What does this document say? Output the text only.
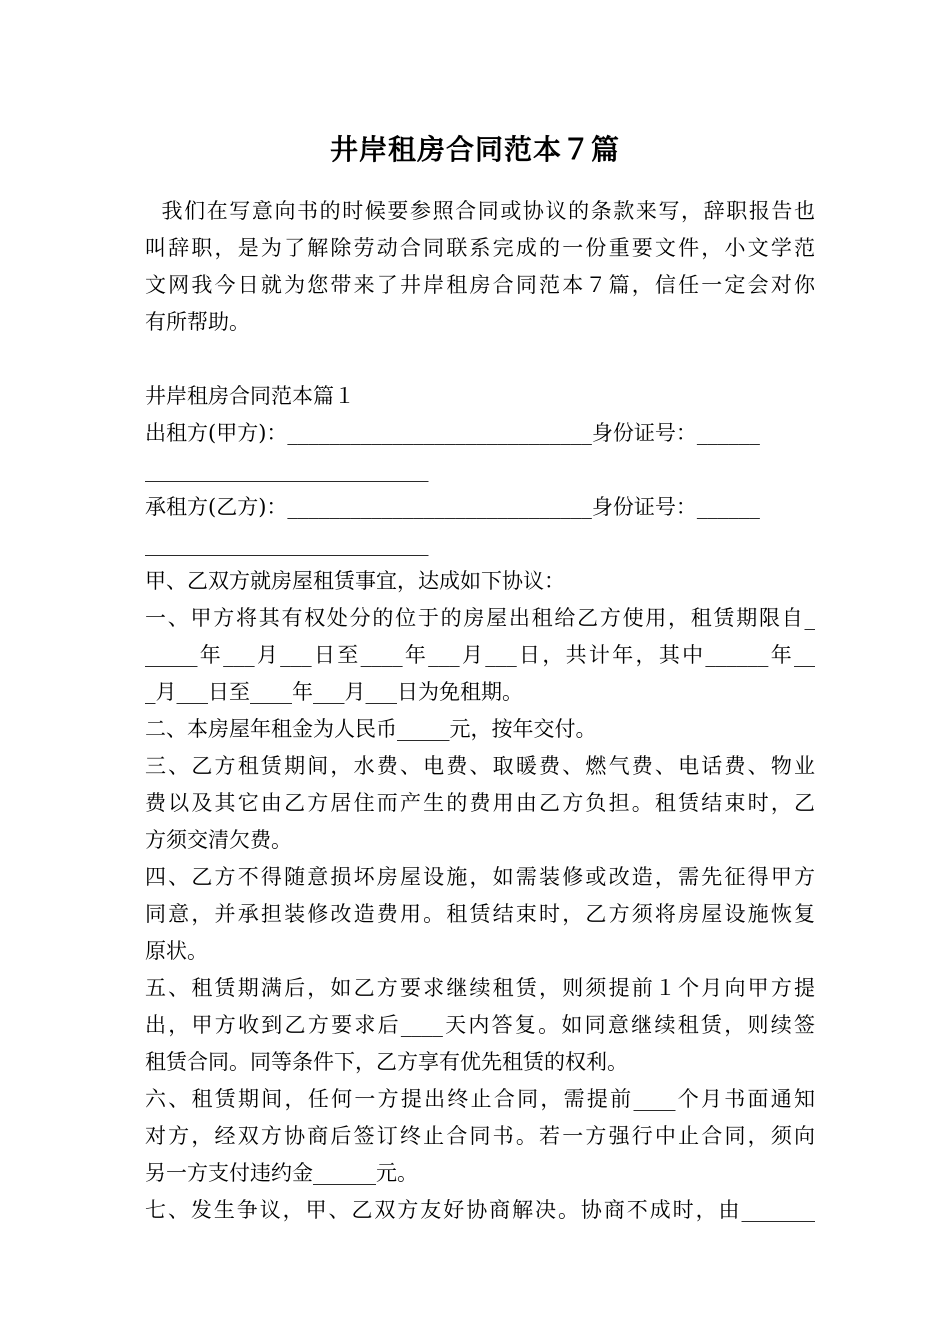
井岸租房合同范本７篇

我们在写意向书的时候要参照合同或协议的条款来写，辞职报告也

叫辞职，是为了解除劳动合同联系完成的一份重要文件，小文学范

文网我今日就为您带来了井岸租房合同范本７篇，信任一定会对你

有所帮助。

井岸租房合同范本篇１

出租方(甲方)：_____________________________身份证号：______

___________________________

承租方(乙方)：_____________________________身份证号：______

___________________________

甲、乙双方就房屋租赁事宜，达成如下协议：

一、甲方将其有权处分的位于的房屋出租给乙方使用，租赁期限自_

_____年___月___日至____年___月___日，共计年，其中______年__

_月___日至____年___月___日为免租期。

二、本房屋年租金为人民币_____元，按年交付。

三、乙方租赁期间，水费、电费、取暖费、燃气费、电话费、物业

费以及其它由乙方居住而产生的费用由乙方负担。租赁结束时，乙

方须交清欠费。

四、乙方不得随意损坏房屋设施，如需装修或改造，需先征得甲方

同意，并承担装修改造费用。租赁结束时，乙方须将房屋设施恢复

原状。

五、租赁期满后，如乙方要求继续租赁，则须提前１个月向甲方提

出，甲方收到乙方要求后____天内答复。如同意继续租赁，则续签

租赁合同。同等条件下，乙方享有优先租赁的权利。

六、租赁期间，任何一方提出终止合同，需提前____个月书面通知

对方，经双方协商后签订终止合同书。若一方强行中止合同，须向

另一方支付违约金______元。

七、发生争议，甲、乙双方友好协商解决。协商不成时，由_______
